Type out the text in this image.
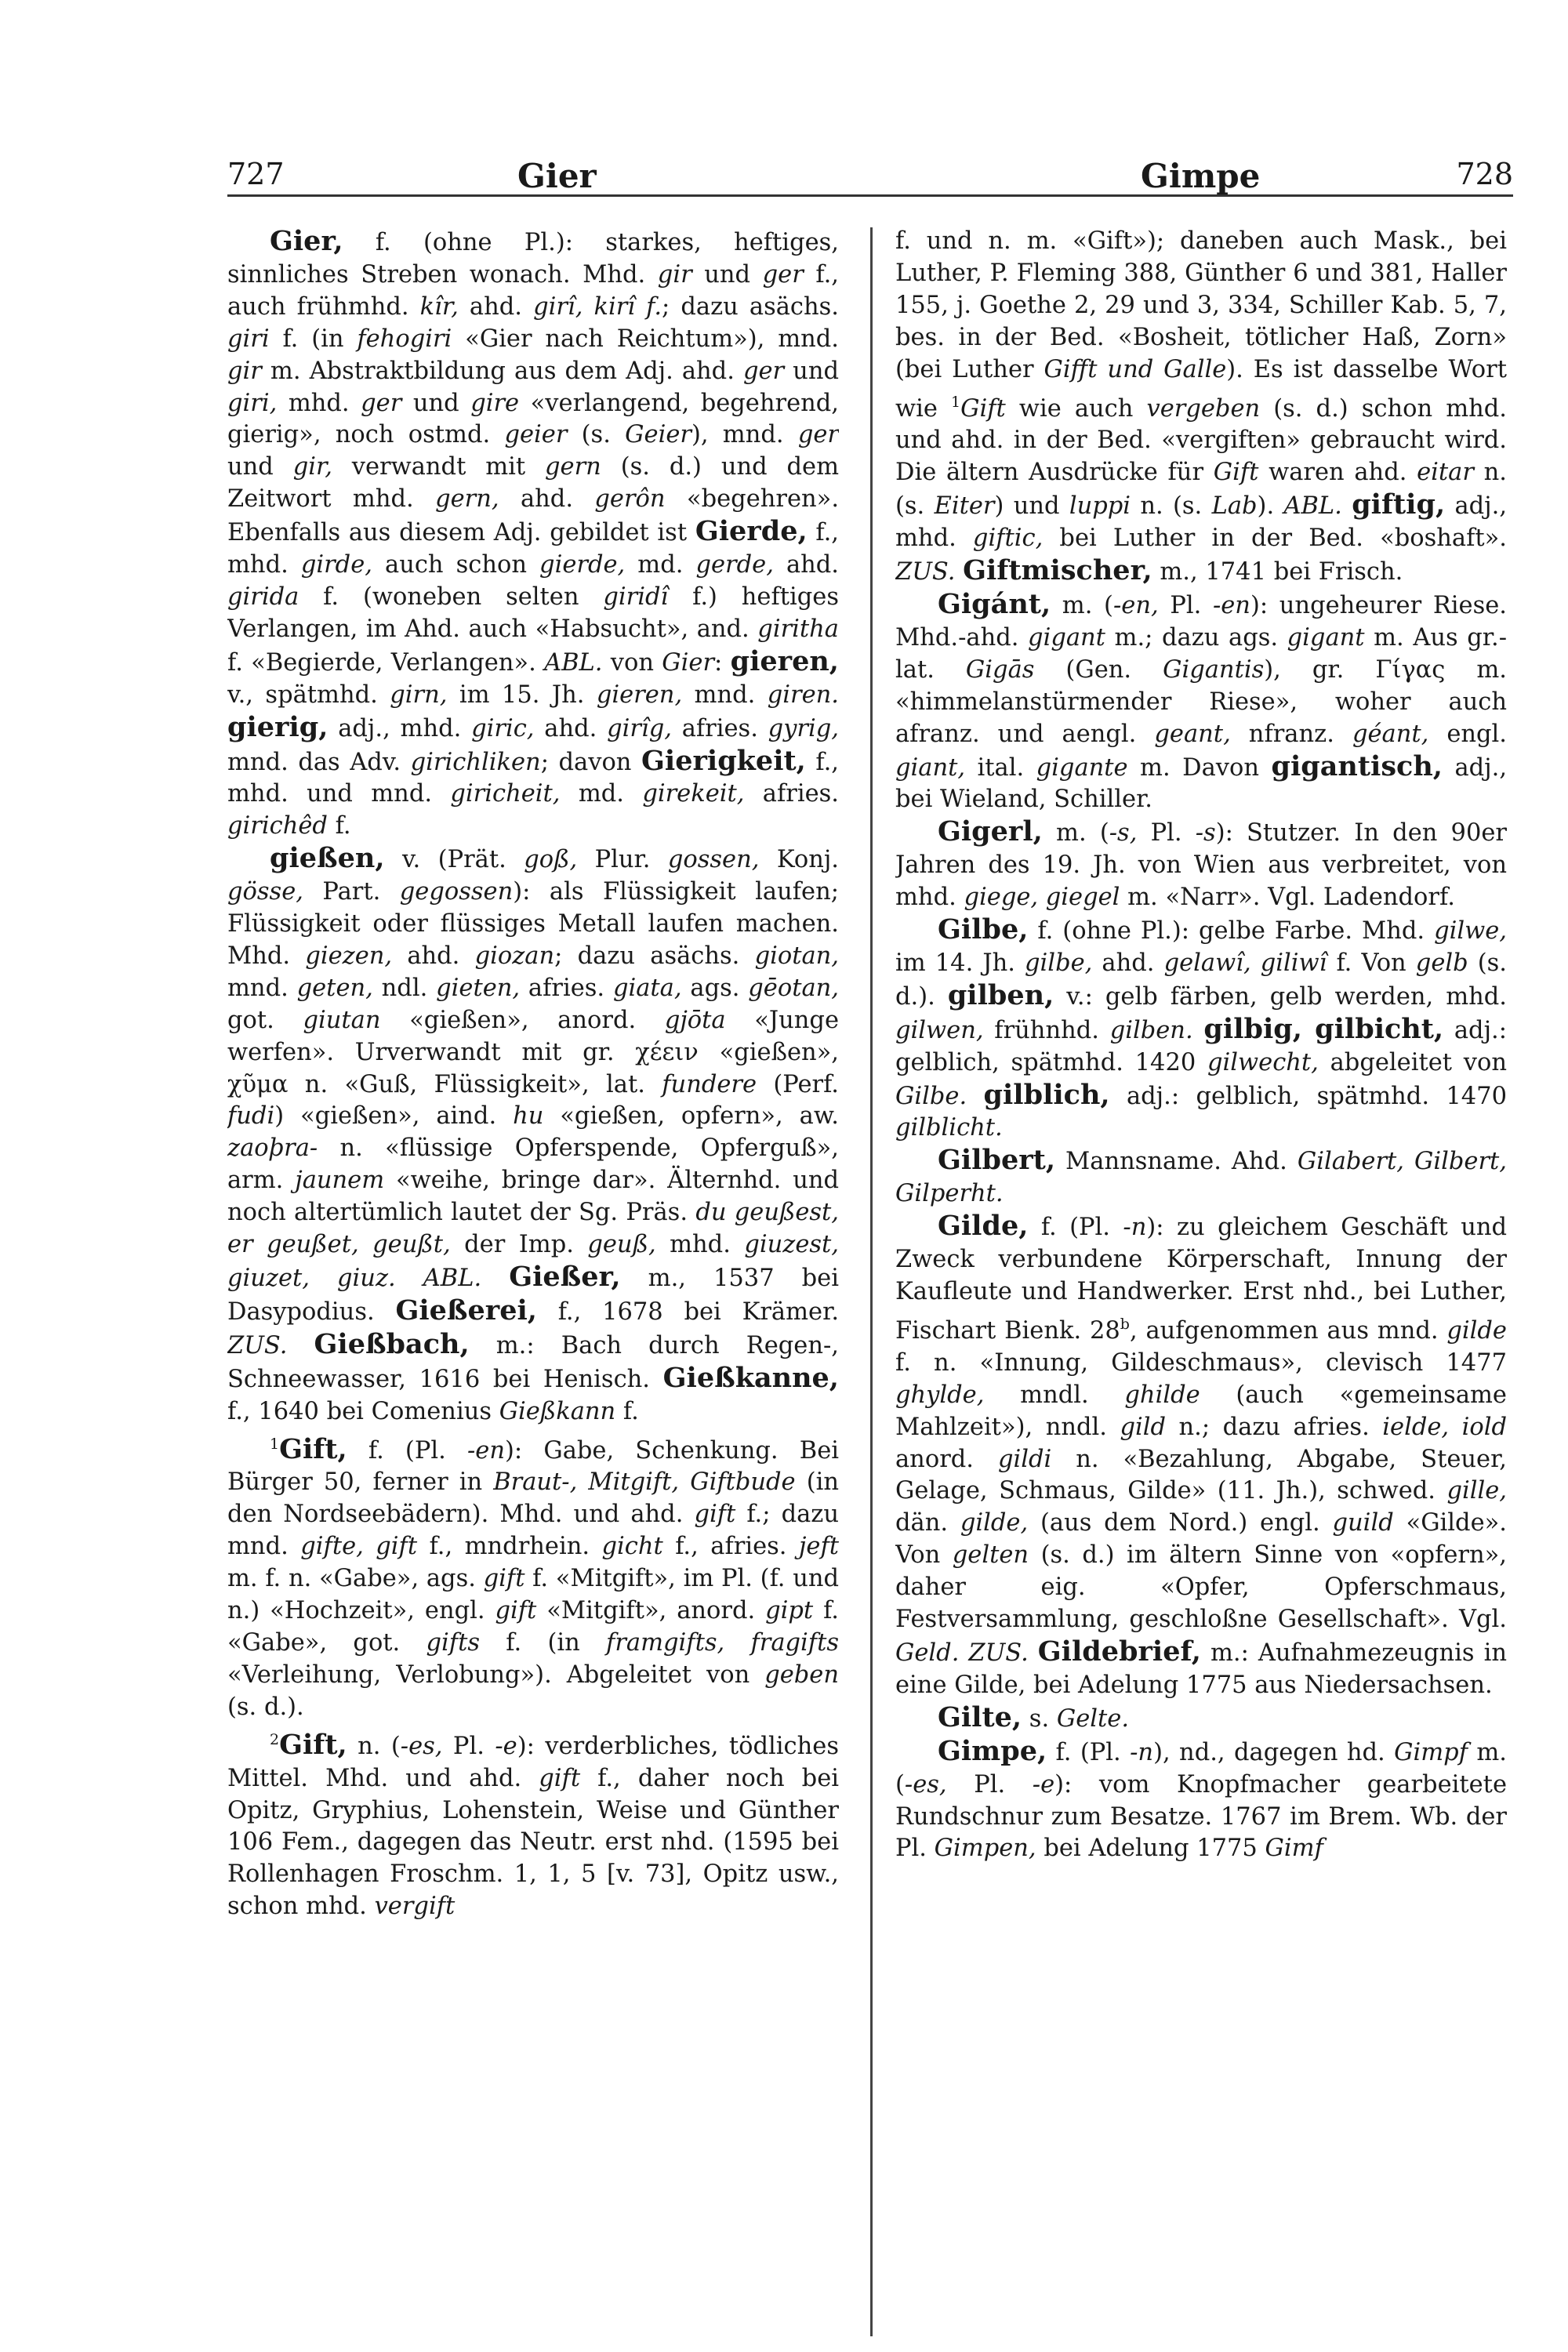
727	Gier	Gimpe	728

Gier, f. (ohne Pl.): starkes, heftiges, sinnliches Streben wonach. Mhd. gir und ger f., auch frühmhd. kîr, ahd. girî, kirî f.; dazu asächs. giri f. (in fehogiri «Gier nach Reichtum»), mnd. gir m. Abstraktbildung aus dem Adj. ahd. ger und giri, mhd. ger und gire «verlangend, begehrend, gierig», noch ostmd. geier (s. Geier), mnd. ger und gir, verwandt mit gern (s. d.) und dem Zeitwort mhd. gern, ahd. gerôn «begehren». Ebenfalls aus diesem Adj. gebildet ist Gierde, f., mhd. girde, auch schon gierde, md. gerde, ahd. girida f. (woneben selten giridî f.) heftiges Verlangen, im Ahd. auch «Habsucht», and. giritha f. «Begierde, Verlangen». ABL. von Gier: gieren, v., spätmhd. girn, im 15. Jh. gieren, mnd. giren. gierig, adj., mhd. giric, ahd. girîg, afries. gyrig, mnd. das Adv. girichliken; davon Gierigkeit, f., mhd. und mnd. giricheit, md. girekeit, afries. girichêd f.

gießen, v. (Prät. goß, Plur. gossen, Konj. gösse, Part. gegossen): als Flüssigkeit laufen; Flüssigkeit oder flüssiges Metall laufen machen. Mhd. giezen, ahd. giozan; dazu asächs. giotan, mnd. geten, ndl. gieten, afries. giata, ags. gēotan, got. giutan «gießen», anord. gjōta «Junge werfen». Urverwandt mit gr. χέειν «gießen», χῦμα n. «Guß, Flüssigkeit», lat. fundere (Perf. fudi) «gießen», aind. hu «gießen, opfern», aw. zaoþra- n. «flüssige Opferspende, Opferguß», arm. jaunem «weihe, bringe dar». Älternhd. und noch altertümlich lautet der Sg. Präs. du geußest, er geußet, geußt, der Imp. geuß, mhd. giuzest, giuzet, giuz. ABL. Gießer, m., 1537 bei Dasypodius. Gießerei, f., 1678 bei Krämer. ZUS. Gießbach, m.: Bach durch Regen-, Schneewasser, 1616 bei Henisch. Gießkanne, f., 1640 bei Comenius Gießkann f.

$^1$Gift, f. (Pl. -en): Gabe, Schenkung. Bei Bürger 50, ferner in Braut-, Mitgift, Giftbude (in den Nordseebädern). Mhd. und ahd. gift f.; dazu mnd. gifte, gift f., mndrhein. gicht f., afries. jeft m. f. n. «Gabe», ags. gift f. «Mitgift», im Pl. (f. und n.) «Hochzeit», engl. gift «Mitgift», anord. gipt f. «Gabe», got. gifts f. (in framgifts, fragifts «Verleihung, Verlobung»). Abgeleitet von geben (s. d.).

$^2$Gift, n. (-es, Pl. -e): verderbliches, tödliches Mittel. Mhd. und ahd. gift f., daher noch bei Opitz, Gryphius, Lohenstein, Weise und Günther 106 Fem., dagegen das Neutr. erst nhd. (1595 bei Rollenhagen Froschm. 1, 1, 5 [v. 73], Opitz usw., schon mhd. vergift

f. und n. m. «Gift»); daneben auch Mask., bei Luther, P. Fleming 388, Günther 6 und 381, Haller 155, j. Goethe 2, 29 und 3, 334, Schiller Kab. 5, 7, bes. in der Bed. «Bosheit, tötlicher Haß, Zorn» (bei Luther Gifft und Galle). Es ist dasselbe Wort wie $^1$Gift wie auch vergeben (s. d.) schon mhd. und ahd. in der Bed. «vergiften» gebraucht wird. Die ältern Ausdrücke für Gift waren ahd. eitar n. (s. Eiter) und luppi n. (s. Lab). ABL. giftig, adj., mhd. giftic, bei Luther in der Bed. «boshaft». ZUS. Giftmischer, m., 1741 bei Frisch.

Gigánt, m. (-en, Pl. -en): ungeheurer Riese. Mhd.-ahd. gigant m.; dazu ags. gigant m. Aus gr.-lat. Gigās (Gen. Gigantis), gr. Γίγας m. «himmelanstürmender Riese», woher auch afranz. und aengl. geant, nfranz. géant, engl. giant, ital. gigante m. Davon gigantisch, adj., bei Wieland, Schiller.

Gigerl, m. (-s, Pl. -s): Stutzer. In den 90er Jahren des 19. Jh. von Wien aus verbreitet, von mhd. giege, giegel m. «Narr». Vgl. Ladendorf.

Gilbe, f. (ohne Pl.): gelbe Farbe. Mhd. gilwe, im 14. Jh. gilbe, ahd. gelawî, giliwî f. Von gelb (s. d.). gilben, v.: gelb färben, gelb werden, mhd. gilwen, frühnhd. gilben. gilbig, gilbicht, adj.: gelblich, spätmhd. 1420 gilwecht, abgeleitet von Gilbe. gilblich, adj.: gelblich, spätmhd. 1470 gilblicht.

Gilbert, Mannsname. Ahd. Gilabert, Gilbert, Gilperht.

Gilde, f. (Pl. -n): zu gleichem Geschäft und Zweck verbundene Körperschaft, Innung der Kaufleute und Handwerker. Erst nhd., bei Luther, Fischart Bienk. 28$^b$, aufgenommen aus mnd. gilde f. n. «Innung, Gildeschmaus», clevisch 1477 ghylde, mndl. ghilde (auch «gemeinsame Mahlzeit»), nndl. gild n.; dazu afries. ielde, iold anord. gildi n. «Bezahlung, Abgabe, Steuer, Gelage, Schmaus, Gilde» (11. Jh.), schwed. gille, dän. gilde, (aus dem Nord.) engl. guild «Gilde». Von gelten (s. d.) im ältern Sinne von «opfern», daher eig. «Opfer, Opferschmaus, Festversammlung, geschloßne Gesellschaft». Vgl. Geld. ZUS. Gildebrief, m.: Aufnahmezeugnis in eine Gilde, bei Adelung 1775 aus Niedersachsen.

Gilte, s. Gelte.

Gimpe, f. (Pl. -n), nd., dagegen hd. Gimpf m. (-es, Pl. -e): vom Knopfmacher gearbeitete Rundschnur zum Besatze. 1767 im Brem. Wb. der Pl. Gimpen, bei Adelung 1775 Gimf
